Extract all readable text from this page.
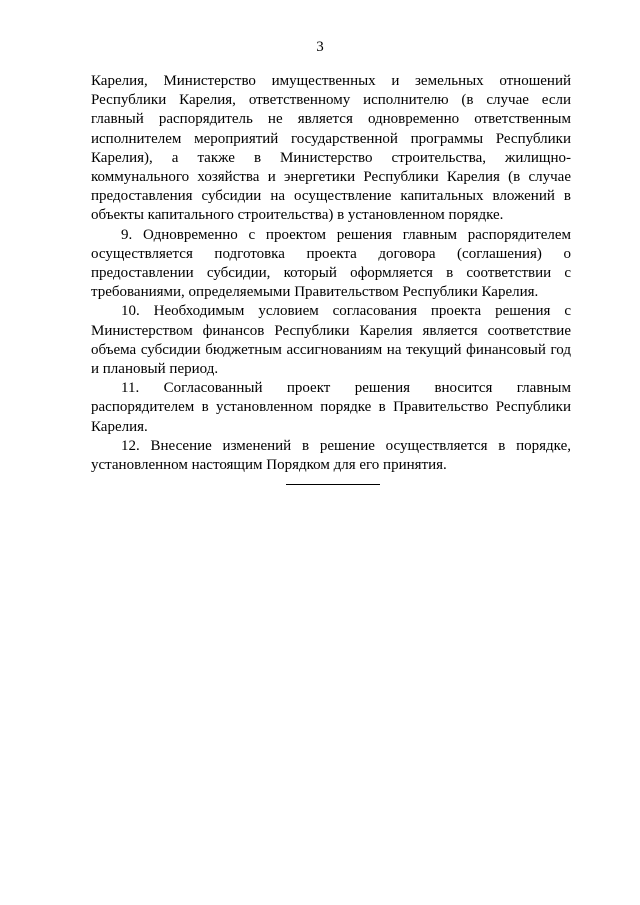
3

Карелия, Министерство имущественных и земельных отношений Республики Карелия, ответственному исполнителю (в случае если главный распорядитель не является одновременно ответственным исполнителем мероприятий государственной программы Республики Карелия), а также в Министерство строительства, жилищно-коммунального хозяйства и энергетики Республики Карелия (в случае предоставления субсидии на осуществление капитальных вложений в объекты капитального строительства) в установленном порядке.

9. Одновременно с проектом решения главным распорядителем осуществляется подготовка проекта договора (соглашения) о предоставлении субсидии, который оформляется в соответствии с требованиями, определяемыми Правительством Республики Карелия.

10. Необходимым условием согласования проекта решения с Министерством финансов Республики Карелия является соответствие объема субсидии бюджетным ассигнованиям на текущий финансовый год и плановый период.

11. Согласованный проект решения вносится главным распорядителем в установленном порядке в Правительство Республики Карелия.

12. Внесение изменений в решение осуществляется в порядке, установленном настоящим Порядком для его принятия.
